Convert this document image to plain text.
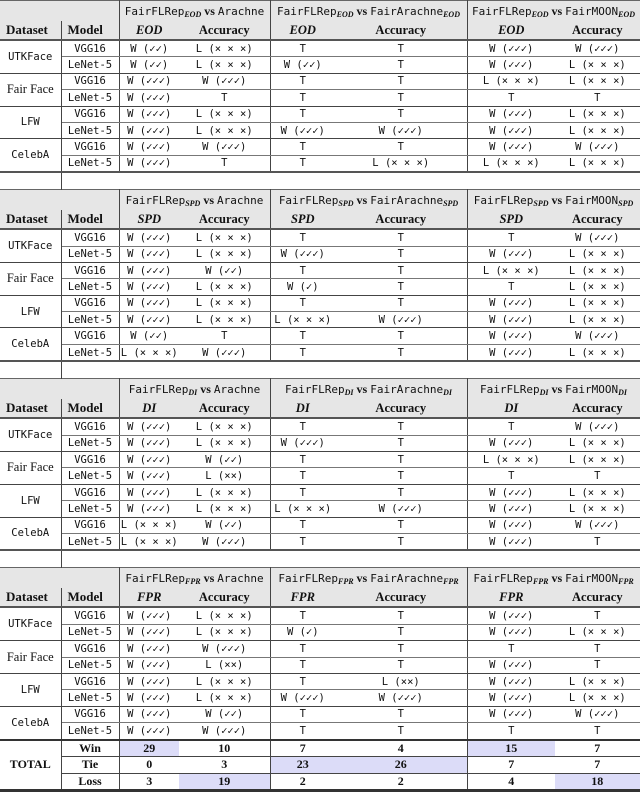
		FairFLRep$_{EOD}$ vs Arachne		FairFLRep$_{EOD}$ vs FairArachne$_{EOD}$		FairFLRep$_{EOD}$ vs FairMOON$_{EOD}$
Dataset	Model	EOD	Accuracy	EOD	Accuracy	EOD	Accuracy
UTKFace	VGG16	W (✓✓)	L (× × ×)	T	T	W (✓✓✓)	W (✓✓✓)
	LeNet-5	W (✓✓)	L (× × ×)	W (✓✓)	T	W (✓✓✓)	L (× × ×)
Fair Face	VGG16	W (✓✓✓)	W (✓✓✓)	T	T	L (× × ×)	L (× × ×)
	LeNet-5	W (✓✓✓)	T	T	T	T	T
LFW	VGG16	W (✓✓✓)	L (× × ×)	T	T	W (✓✓✓)	L (× × ×)
	LeNet-5	W (✓✓✓)	L (× × ×)	W (✓✓✓)	W (✓✓✓)	W (✓✓✓)	L (× × ×)
CelebA	VGG16	W (✓✓✓)	W (✓✓✓)	T	T	W (✓✓✓)	W (✓✓✓)
	LeNet-5	W (✓✓✓)	T	T	L (× × ×)	L (× × ×)	L (× × ×)

		FairFLRep$_{SPD}$ vs Arachne		FairFLRep$_{SPD}$ vs FairArachne$_{SPD}$		FairFLRep$_{SPD}$ vs FairMOON$_{SPD}$
Dataset	Model	SPD	Accuracy	SPD	Accuracy	SPD	Accuracy
UTKFace	VGG16	W (✓✓✓)	L (× × ×)	T	T	T	W (✓✓✓)
	LeNet-5	W (✓✓✓)	L (× × ×)	W (✓✓✓)	T	W (✓✓✓)	L (× × ×)
Fair Face	VGG16	W (✓✓✓)	W (✓✓)	T	T	L (× × ×)	L (× × ×)
	LeNet-5	W (✓✓✓)	L (× × ×)	W (✓)	T	T	L (× × ×)
LFW	VGG16	W (✓✓✓)	L (× × ×)	T	T	W (✓✓✓)	L (× × ×)
	LeNet-5	W (✓✓✓)	L (× × ×)	L (× × ×)	W (✓✓✓)	W (✓✓✓)	L (× × ×)
CelebA	VGG16	W (✓✓)	T	T	T	W (✓✓✓)	W (✓✓✓)
	LeNet-5	L (× × ×)	W (✓✓✓)	T	T	W (✓✓✓)	L (× × ×)

		FairFLRep$_{DI}$ vs Arachne		FairFLRep$_{DI}$ vs FairArachne$_{DI}$		FairFLRep$_{DI}$ vs FairMOON$_{DI}$
Dataset	Model	DI	Accuracy	DI	Accuracy	DI	Accuracy
UTKFace	VGG16	W (✓✓✓)	L (× × ×)	T	T	T	W (✓✓✓)
	LeNet-5	W (✓✓✓)	L (× × ×)	W (✓✓✓)	T	W (✓✓✓)	L (× × ×)
Fair Face	VGG16	W (✓✓✓)	W (✓✓)	T	T	L (× × ×)	L (× × ×)
	LeNet-5	W (✓✓✓)	L (××)	T	T	T	T
LFW	VGG16	W (✓✓✓)	L (× × ×)	T	T	W (✓✓✓)	L (× × ×)
	LeNet-5	W (✓✓✓)	L (× × ×)	L (× × ×)	W (✓✓✓)	W (✓✓✓)	L (× × ×)
CelebA	VGG16	L (× × ×)	W (✓✓)	T	T	W (✓✓✓)	W (✓✓✓)
	LeNet-5	L (× × ×)	W (✓✓✓)	T	T	W (✓✓✓)	T

		FairFLRep$_{FPR}$ vs Arachne		FairFLRep$_{FPR}$ vs FairArachne$_{FPR}$		FairFLRep$_{FPR}$ vs FairMOON$_{FPR}$
Dataset	Model	FPR	Accuracy	FPR	Accuracy	FPR	Accuracy
UTKFace	VGG16	W (✓✓✓)	L (× × ×)	T	T	W (✓✓✓)	T
	LeNet-5	W (✓✓✓)	L (× × ×)	W (✓)	T	W (✓✓✓)	L (× × ×)
Fair Face	VGG16	W (✓✓✓)	W (✓✓✓)	T	T	T	T
	LeNet-5	W (✓✓✓)	L (××)	T	T	W (✓✓✓)	T
LFW	VGG16	W (✓✓✓)	L (× × ×)	T	L (××)	W (✓✓✓)	L (× × ×)
	LeNet-5	W (✓✓✓)	L (× × ×)	W (✓✓✓)	W (✓✓✓)	W (✓✓✓)	L (× × ×)
CelebA	VGG16	W (✓✓✓)	W (✓✓)	T	T	W (✓✓✓)	W (✓✓✓)
	LeNet-5	W (✓✓✓)	W (✓✓✓)	T	T	T	T
TOTAL	Win	29	10	7	4	15	7
	Tie	0	3	23	26	7	7
	Loss	3	19	2	2	4	18
